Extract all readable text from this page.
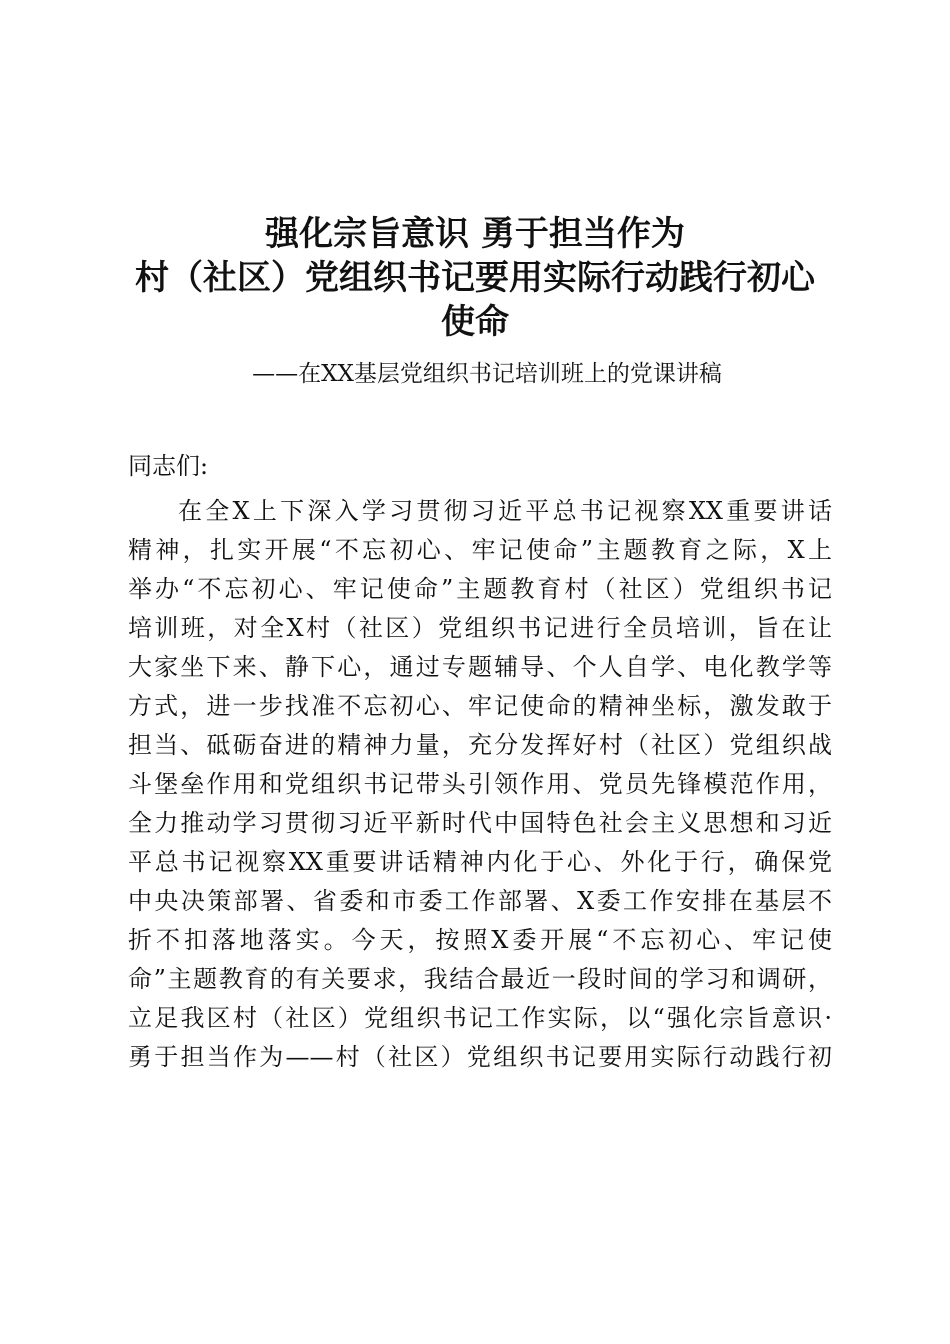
强化宗旨意识 勇于担当作为
村（社区）党组织书记要用实际行动践行初心
使命
——在XX基层党组织书记培训班上的党课讲稿
同志们:
在全X上下深入学习贯彻习近平总书记视察XX重要讲话
精神，扎实开展“不忘初心、牢记使命”主题教育之际，X上
举办“不忘初心、牢记使命”主题教育村（社区）党组织书记
培训班，对全X村（社区）党组织书记进行全员培训，旨在让
大家坐下来、静下心，通过专题辅导、个人自学、电化教学等
方式，进一步找准不忘初心、牢记使命的精神坐标，激发敢于
担当、砥砺奋进的精神力量，充分发挥好村（社区）党组织战
斗堡垒作用和党组织书记带头引领作用、党员先锋模范作用，
全力推动学习贯彻习近平新时代中国特色社会主义思想和习近
平总书记视察XX重要讲话精神内化于心、外化于行，确保党
中央决策部署、省委和市委工作部署、X委工作安排在基层不
折不扣落地落实。今天，按照X委开展“不忘初心、牢记使
命”主题教育的有关要求，我结合最近一段时间的学习和调研，
立足我区村（社区）党组织书记工作实际，以“强化宗旨意识·
勇于担当作为——村（社区）党组织书记要用实际行动践行初
